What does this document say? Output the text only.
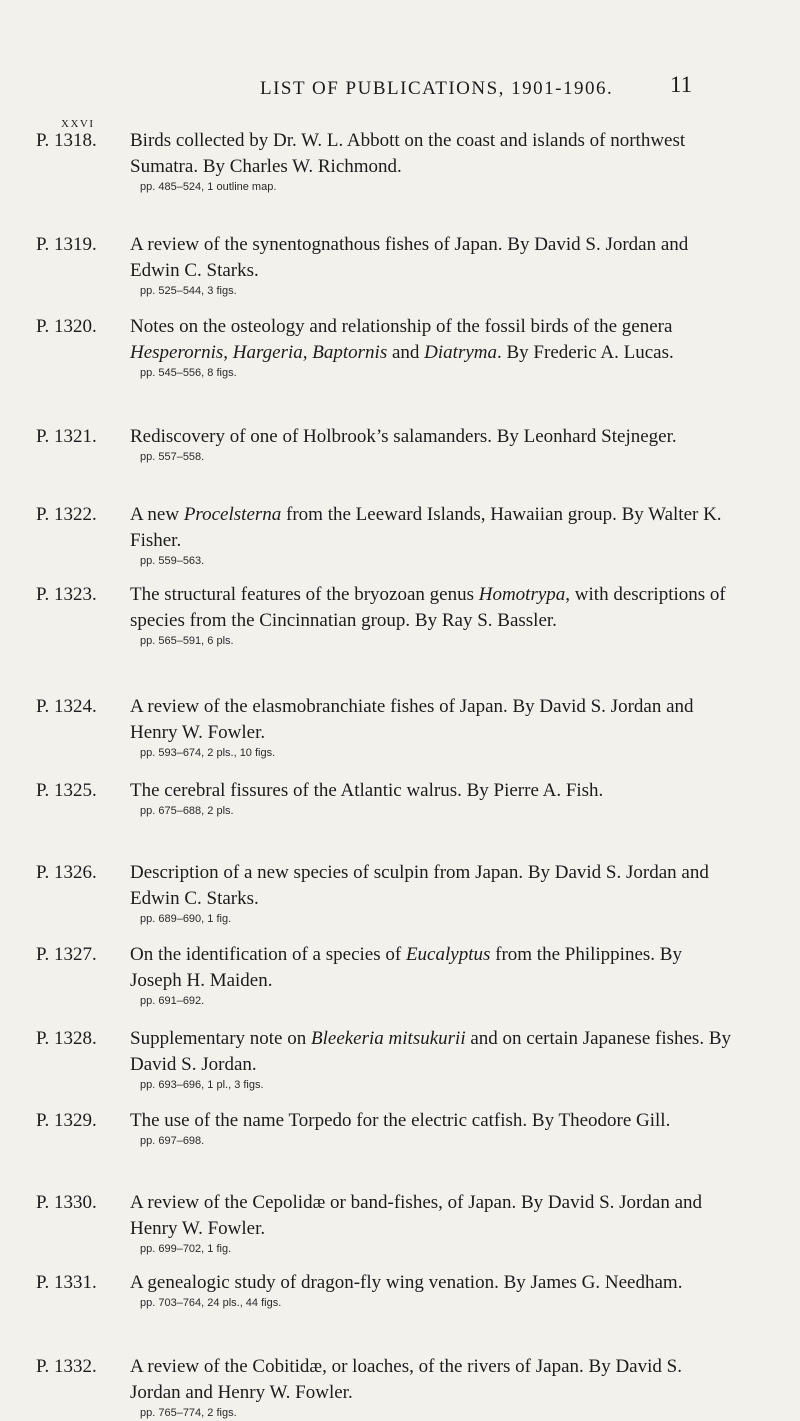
LIST OF PUBLICATIONS, 1901-1906. 11
XXVI
P. 1318. Birds collected by Dr. W. L. Abbott on the coast and islands of northwest Sumatra. By Charles W. Richmond.
pp. 485–524, 1 outline map.
P. 1319. A review of the synentognathous fishes of Japan. By David S. Jordan and Edwin C. Starks.
pp. 525–544, 3 figs.
P. 1320. Notes on the osteology and relationship of the fossil birds of the genera Hesperornis, Hargeria, Baptornis and Diatryma. By Frederic A. Lucas.
pp. 545–556, 8 figs.
P. 1321. Rediscovery of one of Holbrook’s salamanders. By Leonhard Stejneger.
pp. 557–558.
P. 1322. A new Procelsterna from the Leeward Islands, Hawaiian group. By Walter K. Fisher.
pp. 559–563.
P. 1323. The structural features of the bryozoan genus Homotrypa, with descriptions of species from the Cincinnatian group. By Ray S. Bassler.
pp. 565–591, 6 pls.
P. 1324. A review of the elasmobranchiate fishes of Japan. By David S. Jordan and Henry W. Fowler.
pp. 593–674, 2 pls., 10 figs.
P. 1325. The cerebral fissures of the Atlantic walrus. By Pierre A. Fish.
pp. 675–688, 2 pls.
P. 1326. Description of a new species of sculpin from Japan. By David S. Jordan and Edwin C. Starks.
pp. 689–690, 1 fig.
P. 1327. On the identification of a species of Eucalyptus from the Philippines. By Joseph H. Maiden.
pp. 691–692.
P. 1328. Supplementary note on Bleekeria mitsukurii and on certain Japanese fishes. By David S. Jordan.
pp. 693–696, 1 pl., 3 figs.
P. 1329. The use of the name Torpedo for the electric catfish. By Theodore Gill.
pp. 697–698.
P. 1330. A review of the Cepolidæ or band-fishes, of Japan. By David S. Jordan and Henry W. Fowler.
pp. 699–702, 1 fig.
P. 1331. A genealogic study of dragon-fly wing venation. By James G. Needham.
pp. 703–764, 24 pls., 44 figs.
P. 1332. A review of the Cobitidæ, or loaches, of the rivers of Japan. By David S. Jordan and Henry W. Fowler.
pp. 765–774, 2 figs.
